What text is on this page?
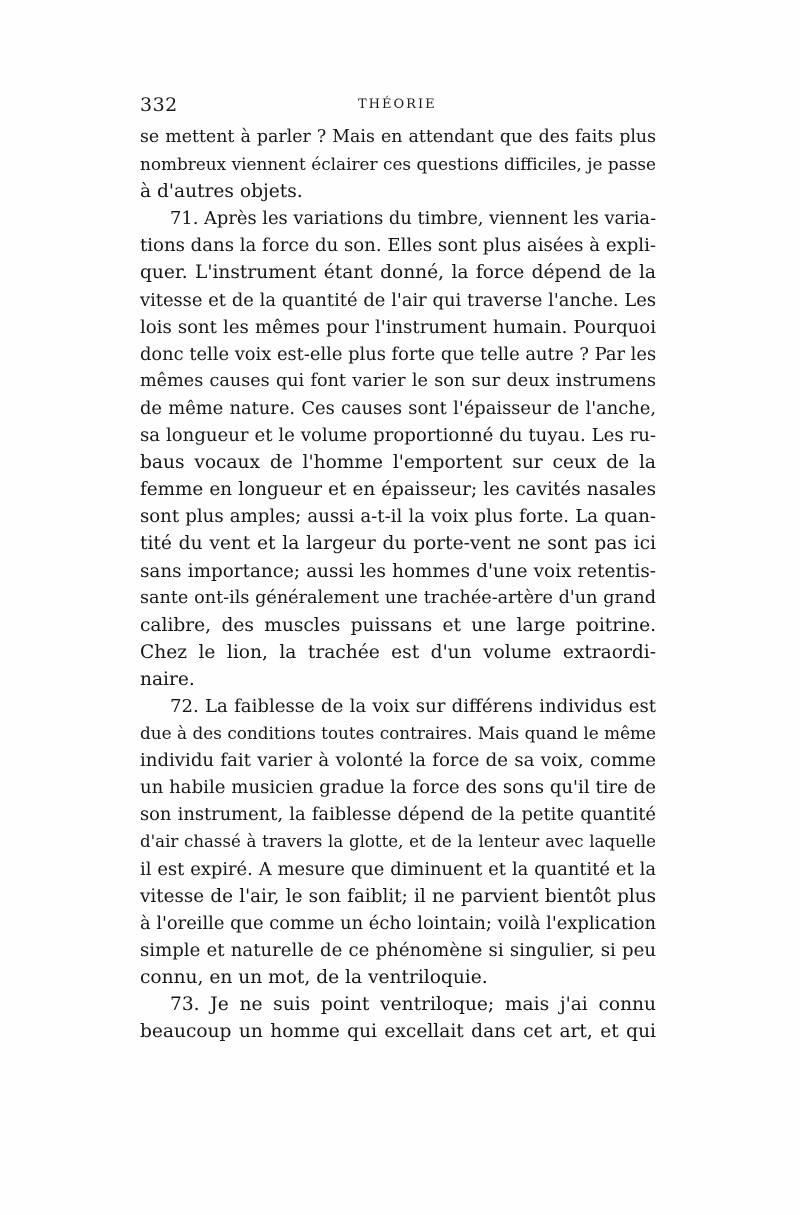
332	THÉORIE
se mettent à parler ? Mais en attendant que des faits plus
nombreux viennent éclairer ces questions difficiles, je passe
à d'autres objets.
71. Après les variations du timbre, viennent les varia-
tions dans la force du son. Elles sont plus aisées à expli-
quer. L'instrument étant donné, la force dépend de la
vitesse et de la quantité de l'air qui traverse l'anche. Les
lois sont les mêmes pour l'instrument humain. Pourquoi
donc telle voix est-elle plus forte que telle autre ? Par les
mêmes causes qui font varier le son sur deux instrumens
de même nature. Ces causes sont l'épaisseur de l'anche,
sa longueur et le volume proportionné du tuyau. Les ru-
baus vocaux de l'homme l'emportent sur ceux de la
femme en longueur et en épaisseur; les cavités nasales
sont plus amples; aussi a-t-il la voix plus forte. La quan-
tité du vent et la largeur du porte-vent ne sont pas ici
sans importance; aussi les hommes d'une voix retentis-
sante ont-ils généralement une trachée-artère d'un grand
calibre, des muscles puissans et une large poitrine.
Chez le lion, la trachée est d'un volume extraordi-
naire.
72. La faiblesse de la voix sur différens individus est
due à des conditions toutes contraires. Mais quand le même
individu fait varier à volonté la force de sa voix, comme
un habile musicien gradue la force des sons qu'il tire de
son instrument, la faiblesse dépend de la petite quantité
d'air chassé à travers la glotte, et de la lenteur avec laquelle
il est expiré. A mesure que diminuent et la quantité et la
vitesse de l'air, le son faiblit; il ne parvient bientôt plus
à l'oreille que comme un écho lointain; voilà l'explication
simple et naturelle de ce phénomène si singulier, si peu
connu, en un mot, de la ventriloquie.
73. Je ne suis point ventriloque; mais j'ai connu
beaucoup un homme qui excellait dans cet art, et qui
